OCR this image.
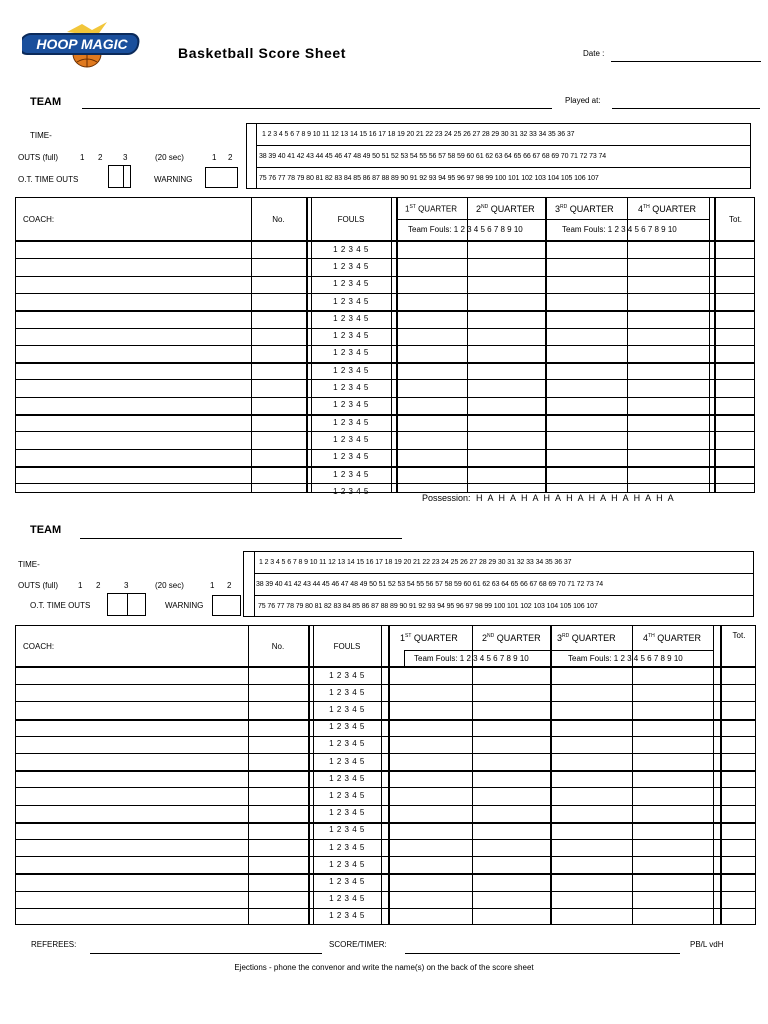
HOOP MAGIC
Basketball Score Sheet	Date :
TEAM	Played at:
TIME-
OUTS (full)	1 2	3	(20 sec)	1 2
O.T. TIME OUTS	WARNING
1 2 3 4 5 6 7 8 9 10 11 12 13 14 15 16 17 18 19 20 21 22 23 24 25 26 27 28 29 30 31 32 33 34 35 36 37
38 39 40 41 42 43 44 45 46 47 48 49 50 51 52 53 54 55 56 57 58 59 60 61 62 63 64 65 66 67 68 69 70 71 72 73 74
75 76 77 78 79 80 81 82 83 84 85 86 87 88 89 90 91 92 93 94 95 96 97 98 99 100 101 102 103 104 105 106 107
COACH:	No.	FOULS
1ST QUARTER 2ND QUARTER 3RD QUARTER	4TH QUARTER
Team Fouls: 1 2 3 4 5 6 7 8 9 10	Team Fouls: 1 2 3 4 5 6 7 8 9 10
Tot.
1 2 3 4 5
1 2 3 4 5
1 2 3 4 5
1 2 3 4 5
1 2 3 4 5
1 2 3 4 5
1 2 3 4 5
1 2 3 4 5
1 2 3 4 5
1 2 3 4 5
1 2 3 4 5
1 2 3 4 5
1 2 3 4 5
1 2 3 4 5
1 2 3 4 5
Possession: H A H A H A H A H A H A H A H A H A
TEAM
TIME-
OUTS (full)	1 2	3	(20 sec)	1 2
O.T. TIME OUTS	WARNING
1 2 3 4 5 6 7 8 9 10 11 12 13 14 15 16 17 18 19 20 21 22 23 24 25 26 27 28 29 30 31 32 33 34 35 36 37
38 39 40 41 42 43 44 45 46 47 48 49 50 51 52 53 54 55 56 57 58 59 60 61 62 63 64 65 66 67 68 69 70 71 72 73 74
75 76 77 78 79 80 81 82 83 84 85 86 87 88 89 90 91 92 93 94 95 96 97 98 99 100 101 102 103 104 105 106 107
COACH:	No.	FOULS
1ST QUARTER	2ND QUARTER 3RD QUARTER	4TH QUARTER
Team Fouls: 1 2 3 4 5 6 7 8 9 10	Team Fouls: 1 2 3 4 5 6 7 8 9 10
Tot.
1 2 3 4 5
1 2 3 4 5
1 2 3 4 5
1 2 3 4 5
1 2 3 4 5
1 2 3 4 5
1 2 3 4 5
1 2 3 4 5
1 2 3 4 5
1 2 3 4 5
1 2 3 4 5
1 2 3 4 5
1 2 3 4 5
1 2 3 4 5
1 2 3 4 5
REFEREES:	SCORE/TIMER:	PB/L vdH
Ejections - phone the convenor and write the name(s) on the back of the score sheet
